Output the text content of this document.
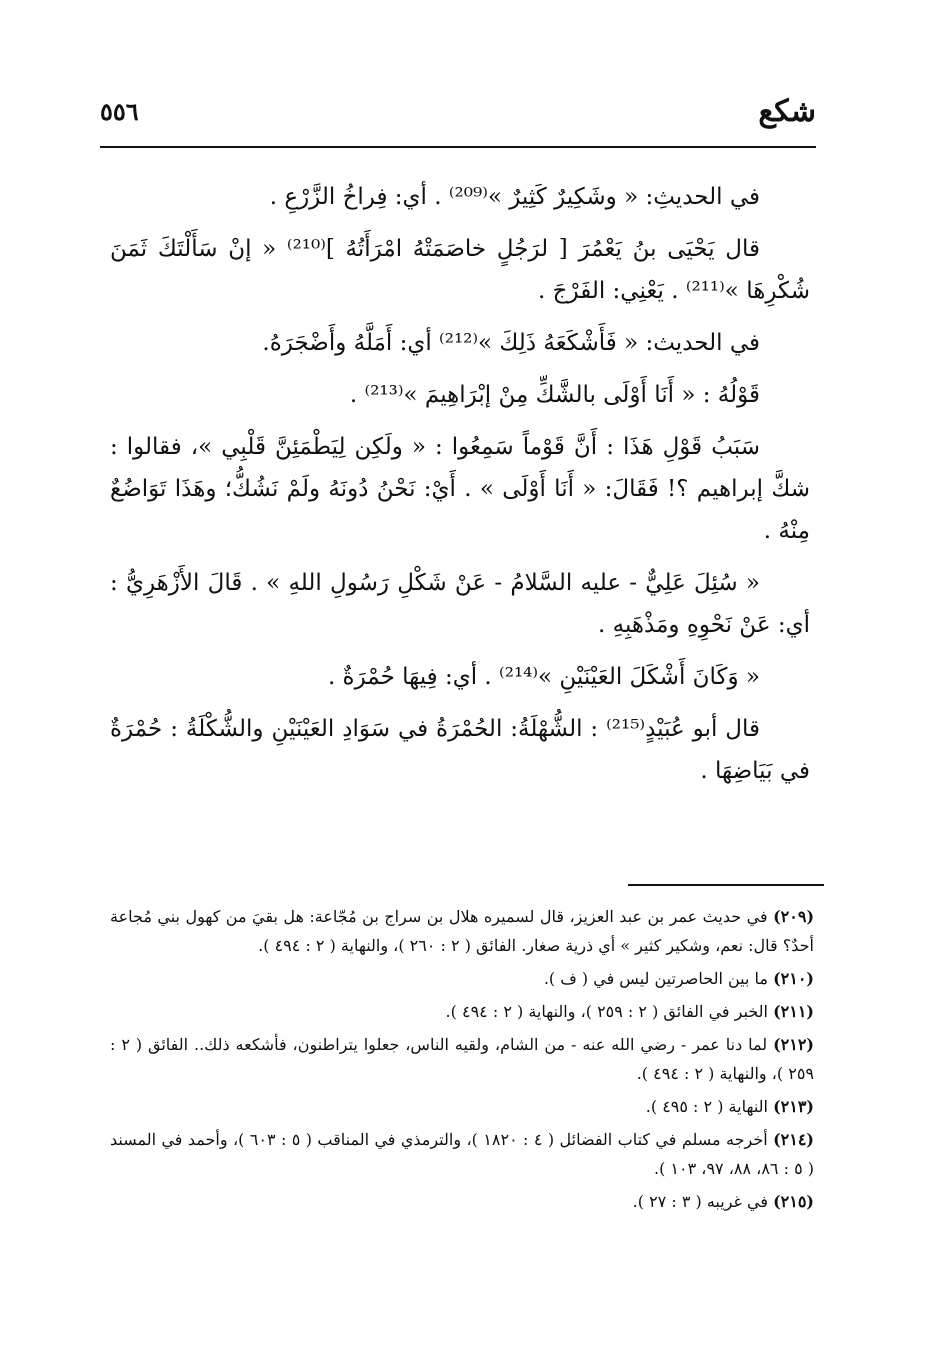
شكع
٥٥٦

في الحديثِ: « وشَكِيرٌ كَثِيرٌ »⁽²⁰⁹⁾ . أي: فِراخُ الزَّرْعِ .

قال يَحْيَى بنُ يَعْمُرَ [ لرَجُلٍ خاصَمَتْهُ امْرَأَتُهُ ]⁽²¹⁰⁾ « إنْ سَأَلْتَكَ ثَمَنَ شُكْرِهَا »⁽²¹¹⁾ . يَعْنِي: الفَرْجَ .

في الحديث: « فَأَشْكَعَهُ ذَلِكَ »⁽²¹²⁾ أي: أَمَلَّهُ وأَضْجَرَهُ.

قَوْلُهُ : « أَنَا أَوْلَى بالشَّكِّ مِنْ إبْرَاهِيمَ »⁽²¹³⁾ .

سَبَبُ قَوْلِ هَذَا : أَنَّ قَوْماً سَمِعُوا : « ولَكِن لِيَطْمَئِنَّ قَلْبِي »، فقالوا : شكَّ إبراهيم ؟! فَقَالَ: « أَنَا أَوْلَى » . أَيْ: نَحْنُ دُونَهُ ولَمْ نَشُكُّ؛ وهَذَا تَوَاضُعٌ مِنْهُ .

« سُئِلَ عَلِيٌّ - عليه السَّلامُ - عَنْ شَكْلِ رَسُولِ اللهِ » . قَالَ الأَزْهَرِيُّ : أي: عَنْ نَحْوِهِ ومَذْهَبِهِ .

« وَكَانَ أَشْكَلَ العَيْنَيْنِ »⁽²¹⁴⁾ . أي: فِيهَا حُمْرَةٌ .

قال أبو عُبَيْدٍ⁽²¹⁵⁾ : الشُّهْلَةُ: الحُمْرَةُ في سَوَادِ العَيْنَيْنِ والشُّكْلَةُ : حُمْرَةٌ في بَيَاضِهَا .

(٢٠٩) في حديث عمر بن عبد العزيز، قال لسميره هلال بن سراج بن مُجّاعة: هل بقيَ من كهول بني مُجاعة أحدٌ؟ قال: نعم، وشكير كثير » أي ذرية صغار. الفائق ( ٢ : ٢٦٠ )، والنهاية ( ٢ : ٤٩٤ ).

(٢١٠) ما بين الحاصرتين ليس في ( ف ).

(٢١١) الخبر في الفائق ( ٢ : ٢٥٩ )، والنهاية ( ٢ : ٤٩٤ ).

(٢١٢) لما دنا عمر - رضي الله عنه - من الشام، ولقيه الناس، جعلوا يتراطنون، فأشكعه ذلك.. الفائق ( ٢ : ٢٥٩ )، والنهاية ( ٢ : ٤٩٤ ).

(٢١٣) النهاية ( ٢ : ٤٩٥ ).

(٢١٤) أخرجه مسلم في كتاب الفضائل ( ٤ : ١٨٢٠ )، والترمذي في المناقب ( ٥ : ٦٠٣ )، وأحمد في المسند ( ٥ : ٨٦، ٨٨، ٩٧، ١٠٣ ).

(٢١٥) في غريبه ( ٣ : ٢٧ ).
